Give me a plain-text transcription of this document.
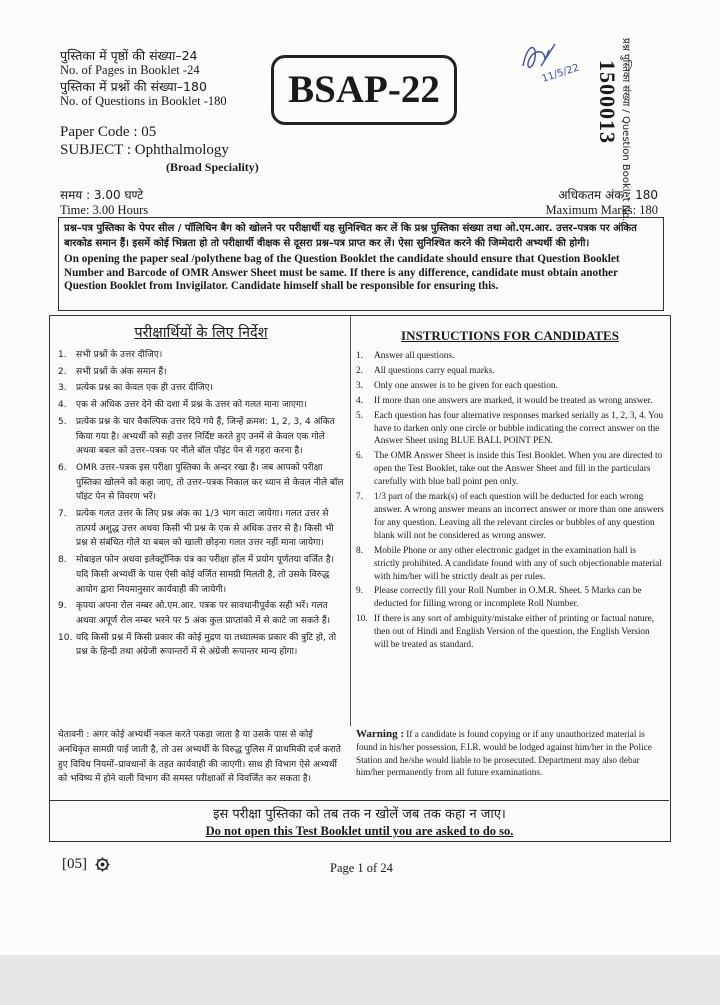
पुस्तिका में पृष्ठों की संख्या–24
No. of Pages in Booklet -24
पुस्तिका में प्रश्नों की संख्या–180
No. of Questions in Booklet -180
Paper Code : 05
SUBJECT : Ophthalmology
(Broad Speciality)
BSAP-22	11/5/22	प्रश्न पुस्तिका संख्या / Question Booklet No.
1500013
समय : 3.00 घण्टे
Time: 3.00 Hours
अधिकतम अंक : 180
Maximum Marks: 180
प्रश्न–पत्र पुस्तिका के पेपर सील / पॉलिथिन बैग को खोलने पर परीक्षार्थी यह सुनिश्चित कर लें कि प्रश्न पुस्तिका संख्या तथा ओ.एम.आर. उत्तर–पत्रक पर अंकित बारकोड समान हैं। इसमें कोई भिन्नता हो तो परीक्षार्थी वीक्षक से दूसरा प्रश्न–पत्र प्राप्त कर लें। ऐसा सुनिश्चित करने की जिम्मेदारी अभ्यर्थी की होगी।
On opening the paper seal /polythene bag of the Question Booklet the candidate should ensure that Question Booklet Number and Barcode of OMR Answer Sheet must be same. If there is any difference, candidate must obtain another Question Booklet from Invigilator. Candidate himself shall be responsible for ensuring this.
परीक्षार्थियों के लिए निर्देश
1.	सभी प्रश्नों के उत्तर दीजिए।
2.	सभी प्रश्नों के अंक समान हैं।
3.	प्रत्येक प्रश्न का केवल एक ही उत्तर दीजिए।
4.	एक से अधिक उत्तर देने की दशा में प्रश्न के उत्तर को गलत माना जाएगा।
5.	प्रत्येक प्रश्न के चार वैकल्पिक उत्तर दिये गये हैं, जिन्हें क्रमश: 1, 2, 3, 4 अंकित किया गया है। अभ्यर्थी को सही उत्तर निर्दिष्ट करते हुए उनमें से केवल एक गोले अथवा बबल को उत्तर–पत्रक पर नीले बॉल पॉइंट पेन से गहरा करना है।
6.	OMR उत्तर–पत्रक इस परीक्षा पुस्तिका के अन्दर रखा है। जब आपको परीक्षा पुस्तिका खोलने को कहा जाए, तो उत्तर–पत्रक निकाल कर ध्यान से केवल नीले बॉल पॉइंट पेन से विवरण भरें।
7.	प्रत्येक गलत उत्तर के लिए प्रश्न अंक का 1/3 भाग काटा जायेगा। गलत उत्तर से तात्पर्य अशुद्ध उत्तर अथवा किसी भी प्रश्न के एक से अधिक उत्तर से है। किसी भी प्रश्न से संबंधित गोले या बबल को खाली छोड़ना गलत उत्तर नहीं माना जायेगा।
8.	मोबाइल फोन अथवा इलेक्ट्रॉनिक यंत्र का परीक्षा हॉल में प्रयोग पूर्णतया वर्जित है। यदि किसी अभ्यर्थी के पास ऐसी कोई वर्जित सामग्री मिलती है, तो उसके विरुद्ध आयोग द्वारा नियमानुसार कार्यवाही की जायेगी।
9.	कृपया अपना रोल नम्बर ओ.एम.आर. पत्रक पर सावधानीपूर्वक सही भरें। गलत अथवा अपूर्ण रोल नम्बर भरने पर 5 अंक कुल प्राप्तांको में से काटे जा सकते हैं।
10. यदि किसी प्रश्न में किसी प्रकार की कोई मुद्रण या तथ्यात्मक प्रकार की त्रुटि हो, तो प्रश्न के हिन्दी तथा अंग्रेजी रूपान्तरों में से अंग्रेजी रूपान्तर मान्य होगा।
INSTRUCTIONS FOR CANDIDATES
1.	Answer all questions.
2.	All questions carry equal marks.
3.	Only one answer is to be given for each question.
4.	If more than one answers are marked, it would be treated as wrong answer.
5.	Each question has four alternative responses marked serially as 1, 2, 3, 4. You have to darken only one circle or bubble indicating the correct answer on the Answer Sheet using BLUE BALL POINT PEN.
6.	The OMR Answer Sheet is inside this Test Booklet. When you are directed to open the Test Booklet, take out the Answer Sheet and fill in the particulars carefully with blue ball point pen only.
7.	1/3 part of the mark(s) of each question will be deducted for each wrong answer. A wrong answer means an incorrect answer or more than one answers for any question. Leaving all the relevant circles or bubbles of any question blank will not be considered as wrong answer.
8.	Mobile Phone or any other electronic gadget in the examination hall is strictly prohibited. A candidate found with any of such objectionable material with him/her will be strictly dealt as per rules.
9.	Please correctly fill your Roll Number in O.M.R. Sheet. 5 Marks can be deducted for filling wrong or incomplete Roll Number.
10. If there is any sort of ambiguity/mistake either of printing or factual nature, then out of Hindi and English Version of the question, the English Version will be treated as standard.
चेतावनी : अगर कोई अभ्यर्थी नकल करते पकड़ा जाता है या उसके पास से कोई अनधिकृत सामग्री पाई जाती है, तो उस अभ्यर्थी के विरुद्ध पुलिस में प्राथमिकी दर्ज कराते हुए विविध नियमों–प्रावधानों के तहत कार्यवाही की जाएगी। साथ ही विभाग ऐसे अभ्यर्थी को भविष्य में होने वाली विभाग की समस्त परीक्षाओं से विवर्जित कर सकता है।
Warning : If a candidate is found copying or if any unauthorized material is found in his/her possession, F.I.R. would be lodged against him/her in the Police Station and he/she would liable to be prosecuted. Department may also debar him/her permanently from all future examinations.
इस परीक्षा पुस्तिका को तब तक न खोलें जब तक कहा न जाए।
Do not open this Test Booklet until you are asked to do so.
[05]	Page 1 of 24
